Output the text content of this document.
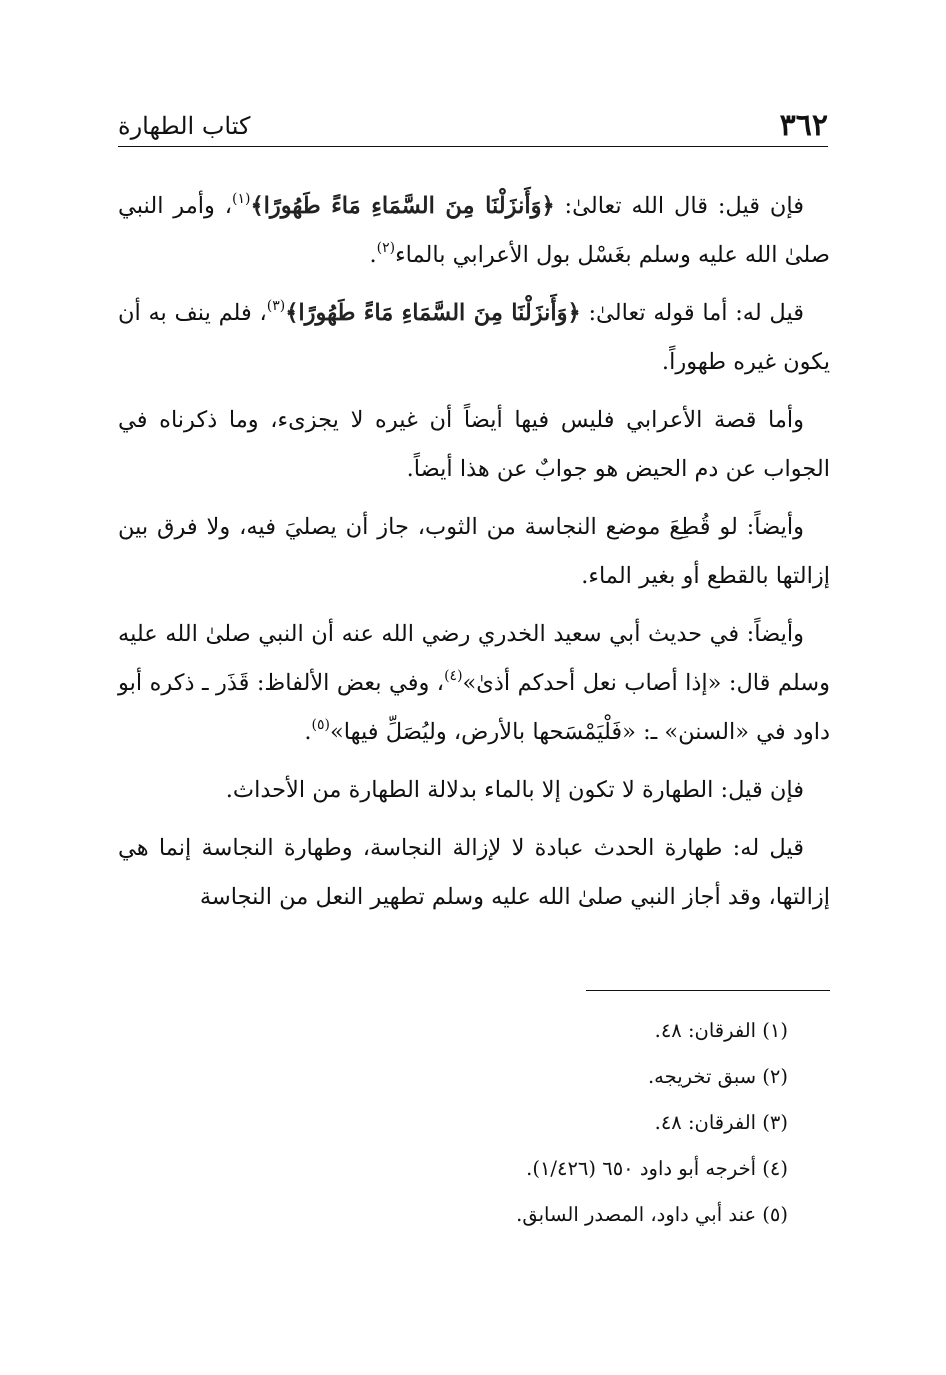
٣٦٢
كتاب الطهارة

فإن قيل: قال الله تعالىٰ: ﴿وَأَنزَلْنَا مِنَ السَّمَاءِ مَاءً طَهُورًا﴾$^{(١)}$، وأمر النبي صلىٰ الله عليه وسلم بغَسْل بول الأعرابي بالماء$^{(٢)}$.

قيل له: أما قوله تعالىٰ: ﴿وَأَنزَلْنَا مِنَ السَّمَاءِ مَاءً طَهُورًا﴾$^{(٣)}$، فلم ينف به أن يكون غيره طهوراً.

وأما قصة الأعرابي فليس فيها أيضاً أن غيره لا يجزىء، وما ذكرناه في الجواب عن دم الحيض هو جوابٌ عن هذا أيضاً.

وأيضاً: لو قُطِعَ موضع النجاسة من الثوب، جاز أن يصليَ فيه، ولا فرق بين إزالتها بالقطع أو بغير الماء.

وأيضاً: في حديث أبي سعيد الخدري رضي الله عنه أن النبي صلىٰ الله عليه وسلم قال: «إذا أصاب نعل أحدكم أذىٰ»$^{(٤)}$، وفي بعض الألفاظ: قَذَر ـ ذكره أبو داود في «السنن» ـ: «فَلْيَمْسَحها بالأرض، وليُصَلِّ فيها»$^{(٥)}$.

فإن قيل: الطهارة لا تكون إلا بالماء بدلالة الطهارة من الأحداث.

قيل له: طهارة الحدث عبادة لا لإزالة النجاسة، وطهارة النجاسة إنما هي إزالتها، وقد أجاز النبي صلىٰ الله عليه وسلم تطهير النعل من النجاسة

(١) الفرقان: ٤٨.
(٢) سبق تخريجه.
(٣) الفرقان: ٤٨.
(٤) أخرجه أبو داود ٦٥٠ (١/٤٢٦).
(٥) عند أبي داود، المصدر السابق.
